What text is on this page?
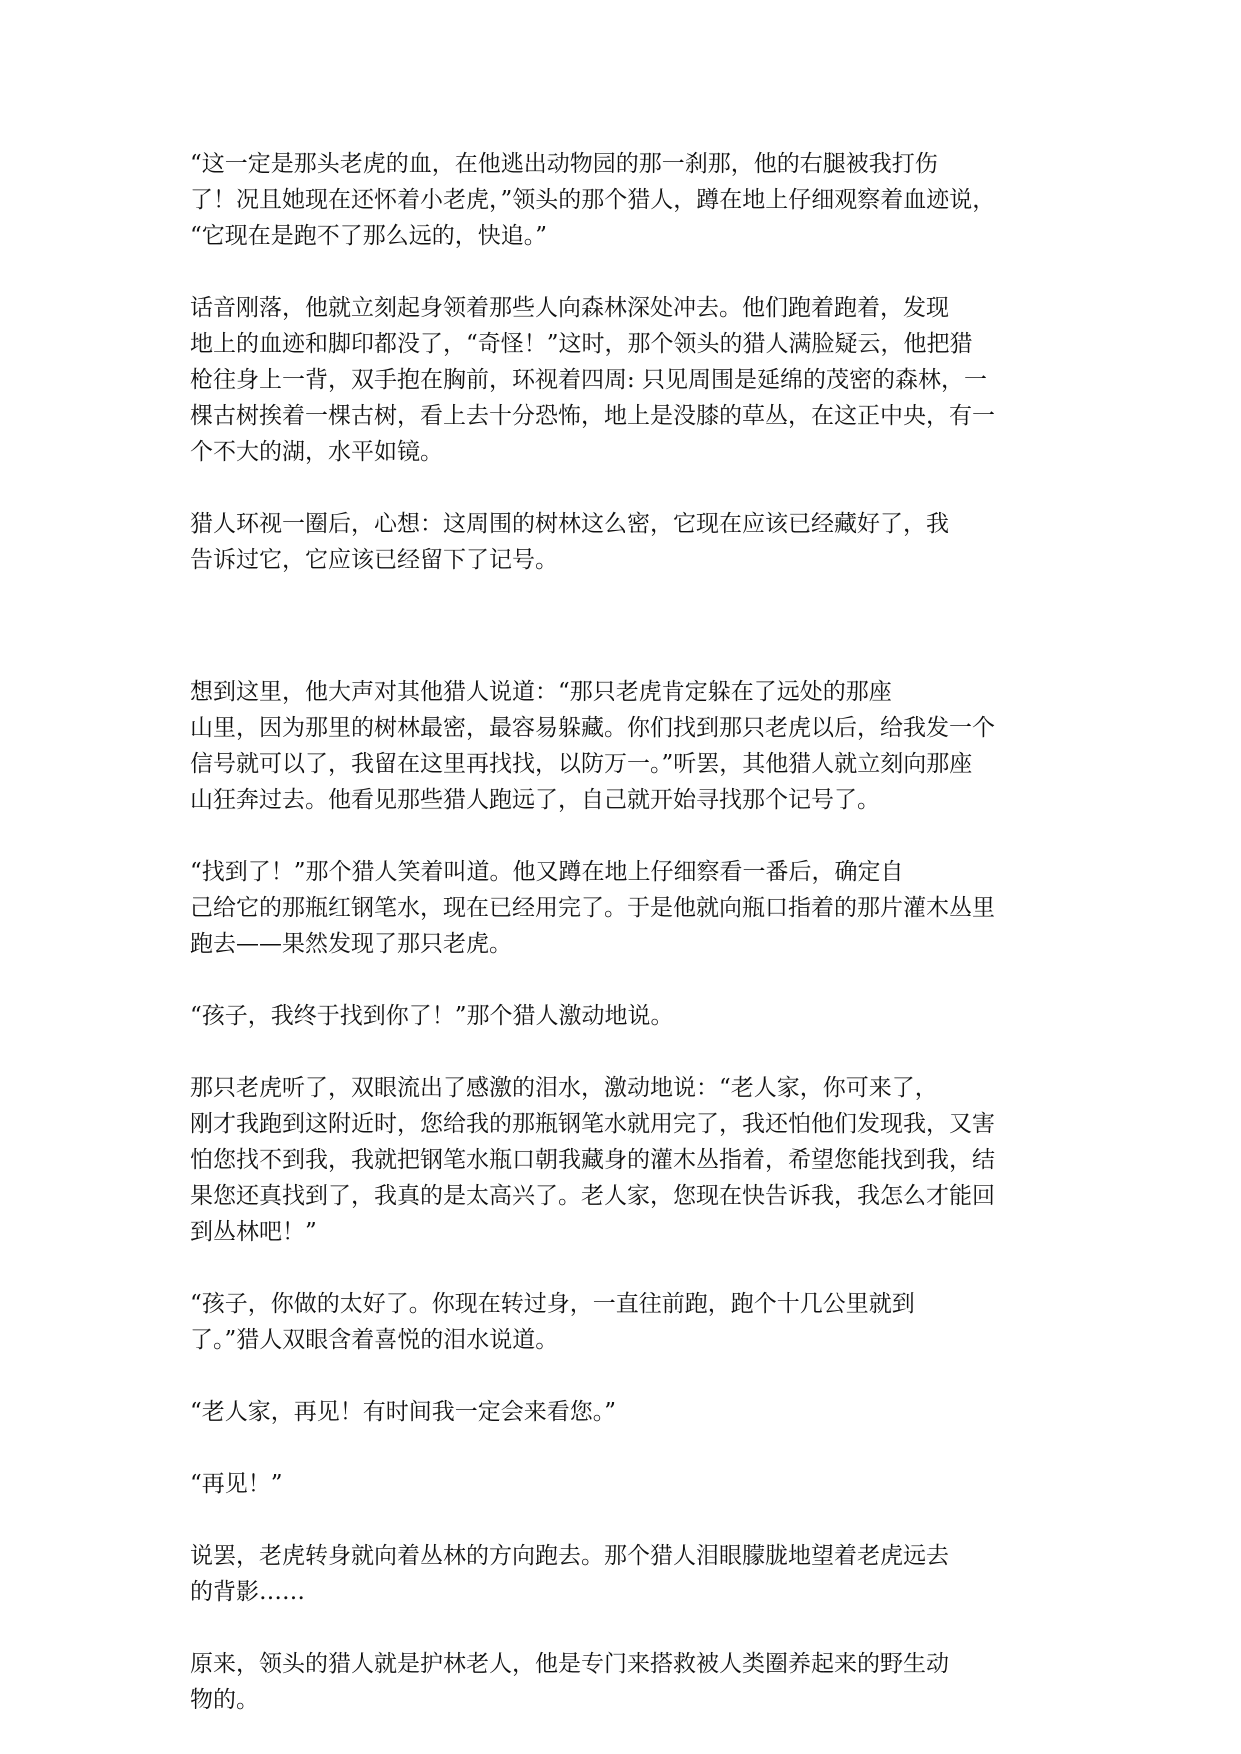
“这一定是那头老虎的血，在他逃出动物园的那一刹那，他的右腿被我打伤
了！况且她现在还怀着小老虎，”领头的那个猎人，蹲在地上仔细观察着血迹说，
“它现在是跑不了那么远的，快追。”
话音刚落，他就立刻起身领着那些人向森林深处冲去。他们跑着跑着，发现
地上的血迹和脚印都没了，“奇怪！”这时，那个领头的猎人满脸疑云，他把猎
枪往身上一背，双手抱在胸前，环视着四周: 只见周围是延绵的茂密的森林，一
棵古树挨着一棵古树，看上去十分恐怖，地上是没膝的草丛，在这正中央，有一
个不大的湖，水平如镜。
猎人环视一圈后，心想：这周围的树林这么密，它现在应该已经藏好了，我
告诉过它，它应该已经留下了记号。
想到这里，他大声对其他猎人说道：“那只老虎肯定躲在了远处的那座
山里，因为那里的树林最密，最容易躲藏。你们找到那只老虎以后，给我发一个
信号就可以了，我留在这里再找找，以防万一。”听罢，其他猎人就立刻向那座
山狂奔过去。他看见那些猎人跑远了，自己就开始寻找那个记号了。
“找到了！”那个猎人笑着叫道。他又蹲在地上仔细察看一番后，确定自
己给它的那瓶红钢笔水，现在已经用完了。于是他就向瓶口指着的那片灌木丛里
跑去——果然发现了那只老虎。
“孩子，我终于找到你了！”那个猎人激动地说。
那只老虎听了，双眼流出了感激的泪水，激动地说：“老人家，你可来了，
刚才我跑到这附近时，您给我的那瓶钢笔水就用完了，我还怕他们发现我，又害
怕您找不到我，我就把钢笔水瓶口朝我藏身的灌木丛指着，希望您能找到我，结
果您还真找到了，我真的是太高兴了。老人家，您现在快告诉我，我怎么才能回
到丛林吧！”
“孩子，你做的太好了。你现在转过身，一直往前跑，跑个十几公里就到
了。”猎人双眼含着喜悦的泪水说道。
“老人家，再见！有时间我一定会来看您。”
“再见！”
说罢，老虎转身就向着丛林的方向跑去。那个猎人泪眼朦胧地望着老虎远去
的背影……
原来，领头的猎人就是护林老人，他是专门来搭救被人类圈养起来的野生动
物的。
